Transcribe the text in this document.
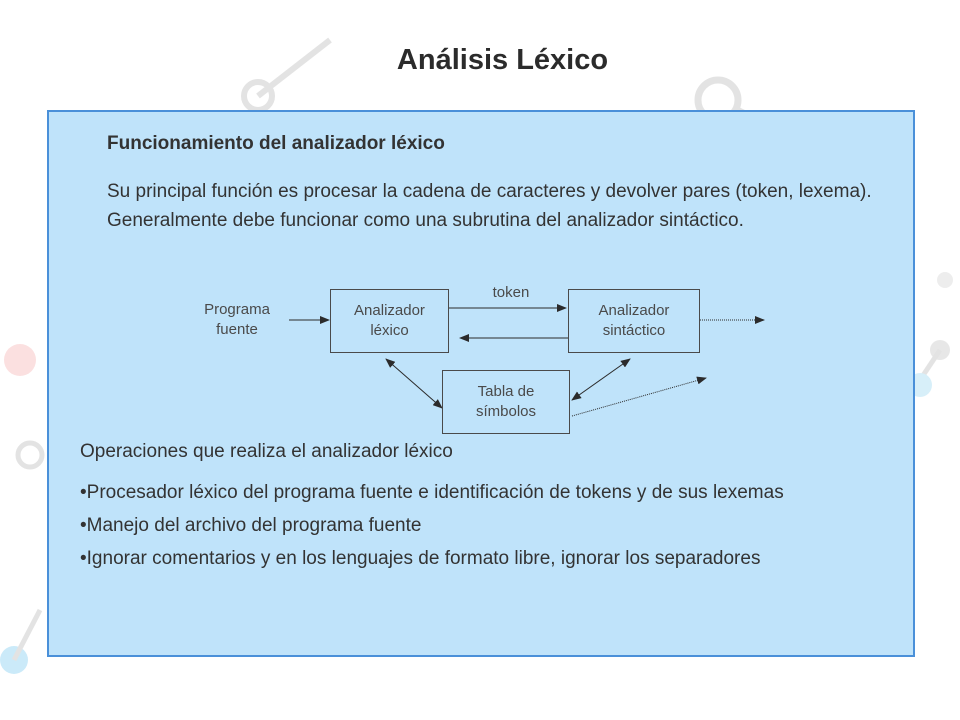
Análisis Léxico
Funcionamiento del analizador léxico

Su principal función es procesar la cadena de caracteres y devolver pares (token, lexema). Generalmente debe funcionar como una subrutina del analizador sintáctico.

Programa
fuente
Analizador
léxico
token
Analizador
sintáctico
Tabla de
símbolos

Operaciones que realiza el analizador léxico

•Procesador léxico del programa fuente e identificación de tokens y de sus lexemas
•Manejo del archivo del programa fuente
•Ignorar comentarios y en los lenguajes de formato libre, ignorar los separadores
